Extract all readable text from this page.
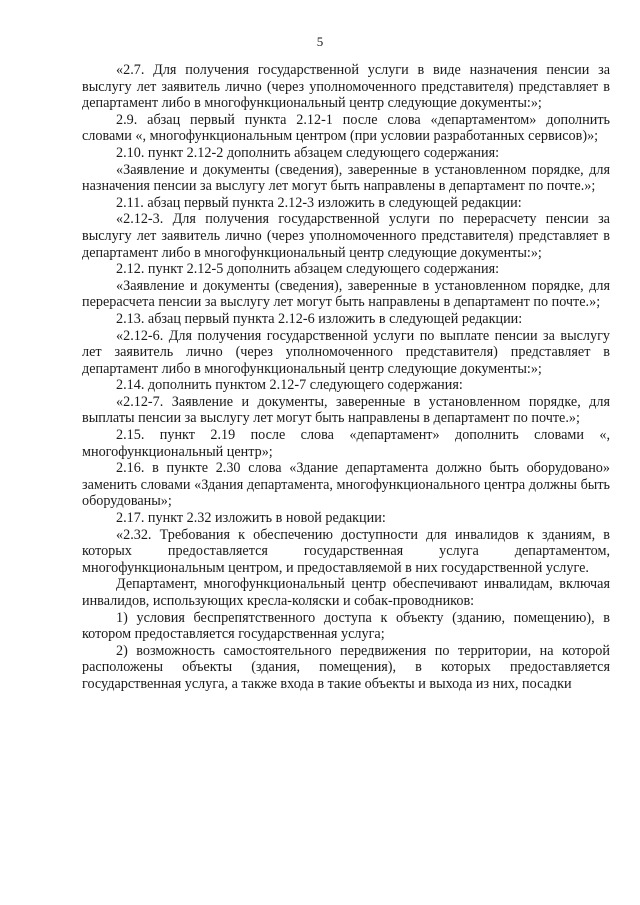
5

«2.7. Для получения государственной услуги в виде назначения пенсии за выслугу лет заявитель лично (через уполномоченного представителя) представляет в департамент либо в многофункциональный центр следующие документы:»;

2.9. абзац первый пункта 2.12-1 после слова «департаментом» дополнить словами «, многофункциональным центром (при условии разработанных сервисов)»;

2.10. пункт 2.12-2 дополнить абзацем следующего содержания:

«Заявление и документы (сведения), заверенные в установленном порядке, для назначения пенсии за выслугу лет могут быть направлены в департамент по почте.»;

2.11. абзац первый пункта 2.12-3 изложить в следующей редакции:

«2.12-3. Для получения государственной услуги по перерасчету пенсии за выслугу лет заявитель лично (через уполномоченного представителя) представляет в департамент либо в многофункциональный центр следующие документы:»;

2.12. пункт 2.12-5 дополнить абзацем следующего содержания:

«Заявление и документы (сведения), заверенные в установленном порядке, для перерасчета пенсии за выслугу лет могут быть направлены в департамент по почте.»;

2.13. абзац первый пункта 2.12-6 изложить в следующей редакции:

«2.12-6. Для получения государственной услуги по выплате пенсии за выслугу лет заявитель лично (через уполномоченного представителя) представляет в департамент либо в многофункциональный центр следующие документы:»;

2.14. дополнить пунктом 2.12-7 следующего содержания:

«2.12-7. Заявление и документы, заверенные в установленном порядке, для выплаты пенсии за выслугу лет могут быть направлены в департамент по почте.»;

2.15. пункт 2.19 после слова «департамент» дополнить словами «, многофункциональный центр»;

2.16. в пункте 2.30 слова «Здание департамента должно быть оборудовано» заменить словами «Здания департамента, многофункционального центра должны быть оборудованы»;

2.17. пункт 2.32 изложить в новой редакции:

«2.32. Требования к обеспечению доступности для инвалидов к зданиям, в которых предоставляется государственная услуга департаментом, многофункциональным центром, и предоставляемой в них государственной услуге.

Департамент, многофункциональный центр обеспечивают инвалидам, включая инвалидов, использующих кресла-коляски и собак-проводников:

1) условия беспрепятственного доступа к объекту (зданию, помещению), в котором предоставляется государственная услуга;

2) возможность самостоятельного передвижения по территории, на которой расположены объекты (здания, помещения), в которых предоставляется государственная услуга, а также входа в такие объекты и выхода из них, посадки
